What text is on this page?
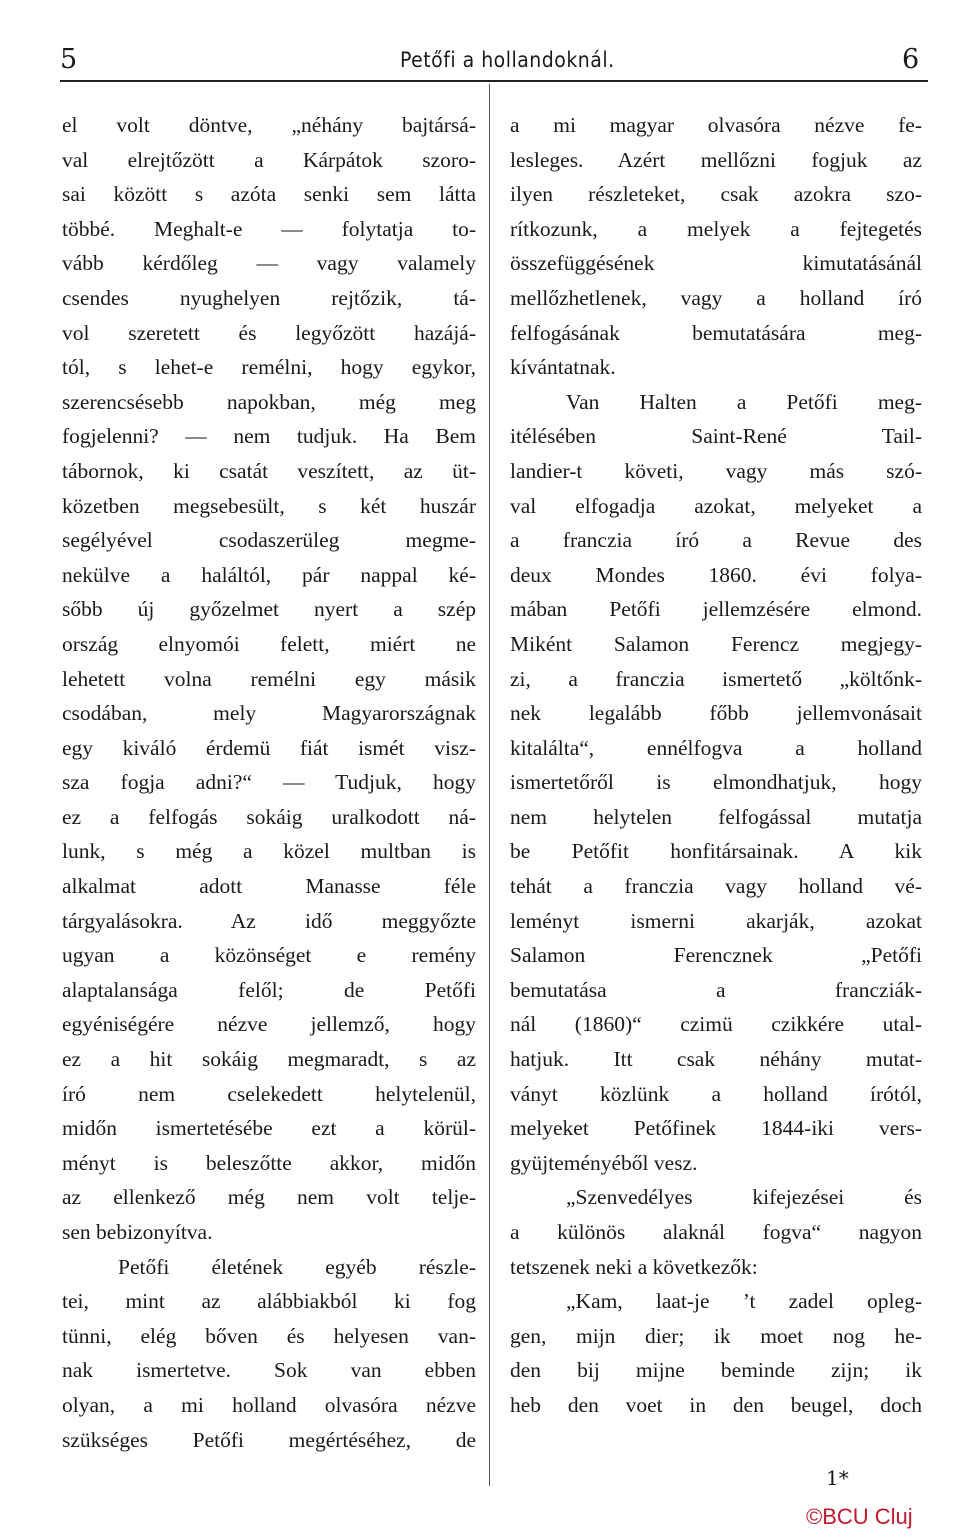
5	Petőfi a hollandoknál.	6
el volt döntve, „néhány bajtársá-
val elrejtőzött a Kárpátok szoro-
sai között s azóta senki sem látta
többé. Meghalt-e — folytatja to-
vább kérdőleg — vagy valamely
csendes nyughelyen rejtőzik, tá-
vol szeretett és legyőzött hazájá-
tól, s lehet-e remélni, hogy egykor,
szerencsésebb napokban, még meg
fogjelenni? — nem tudjuk. Ha Bem
tábornok, ki csatát veszített, az üt-
közetben megsebesült, s két huszár
segélyével csodaszerüleg megme-
nekülve a haláltól, pár nappal ké-
sőbb új győzelmet nyert a szép
ország elnyomói felett, miért ne
lehetett volna remélni egy másik
csodában, mely Magyarországnak
egy kiváló érdemü fiát ismét visz-
sza fogja adni?“ — Tudjuk, hogy
ez a felfogás sokáig uralkodott ná-
lunk, s még a közel multban is
alkalmat adott Manasse féle
tárgyalásokra. Az idő meggyőzte
ugyan a közönséget e remény
alaptalansága felől; de Petőfi
egyéniségére nézve jellemző, hogy
ez a hit sokáig megmaradt, s az
író nem cselekedett helytelenül,
midőn ismertetésébe ezt a körül-
ményt is beleszőtte akkor, midőn
az ellenkező még nem volt telje-
sen bebizonyítva.
Petőfi életének egyéb részle-
tei, mint az alábbiakból ki fog
tünni, elég bőven és helyesen van-
nak ismertetve. Sok van ebben
olyan, a mi holland olvasóra nézve
szükséges Petőfi megértéséhez, de
a mi magyar olvasóra nézve fe-
lesleges. Azért mellőzni fogjuk az
ilyen részleteket, csak azokra szo-
rítkozunk, a melyek a fejtegetés
összefüggésének kimutatásánál
mellőzhetlenek, vagy a holland író
felfogásának bemutatására meg-
kívántatnak.
Van Halten a Petőfi meg-
itélésében Saint-René Tail-
landier-t követi, vagy más szó-
val elfogadja azokat, melyeket a
a franczia író a Revue des
deux Mondes 1860. évi folya-
mában Petőfi jellemzésére elmond.
Miként Salamon Ferencz megjegy-
zi, a franczia ismertető „költőnk-
nek legalább főbb jellemvonásait
kitalálta“, ennélfogva a holland
ismertetőről is elmondhatjuk, hogy
nem helytelen felfogással mutatja
be Petőfit honfitársainak. A kik
tehát a franczia vagy holland vé-
leményt ismerni akarják, azokat
Salamon Ferencznek „Petőfi
bemutatása a francziák-
nál (1860)“ czimü czikkére utal-
hatjuk. Itt csak néhány mutat-
ványt közlünk a holland írótól,
melyeket Petőfinek 1844-iki vers-
gyüjteményéből vesz.
„Szenvedélyes kifejezései és
a különös alaknál fogva“ nagyon
tetszenek neki a következők:
„Kam, laat-je ’t zadel opleg-
gen, mijn dier; ik moet nog he-
den bij mijne beminde zijn; ik
heb den voet in den beugel, doch
1*
©BCU Cluj
